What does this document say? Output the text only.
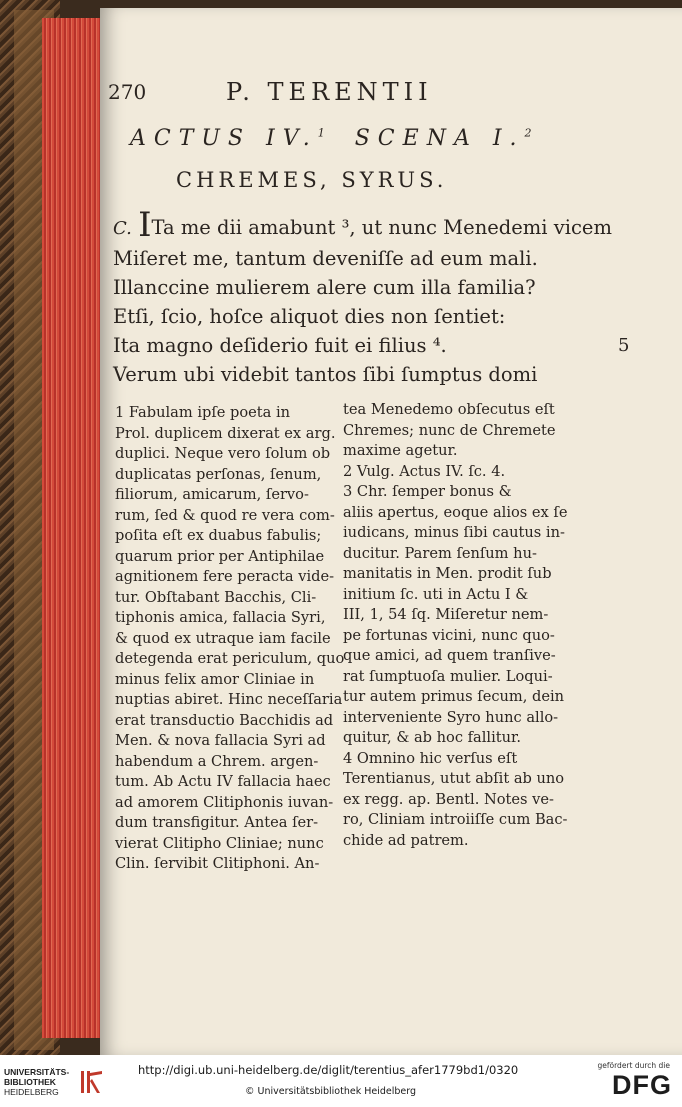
270	P. TERENTII
ACTUS IV.$^1$ SCENA I.$^2$
CHREMES, SYRUS.
C. ITa me dii amabunt ³, ut nunc Menedemi vicem
Miſeret me, tantum deveniſſe ad eum mali.
Illanccine mulierem alere cum illa familia?
Etſi, ſcio, hoſce aliquot dies non ſentiet:
Ita magno deſiderio fuit ei filius ⁴.	5
Verum ubi videbit tantos ſibi ſumptus domi
1 Fabulam ipſe poeta in
Prol. duplicem dixerat ex arg.
duplici. Neque vero ſolum ob
duplicatas perſonas, ſenum,
filiorum, amicarum, ſervo-
rum, ſed & quod re vera com-
poſita eſt ex duabus fabulis;
quarum prior per Antiphilae
agnitionem fere peracta vide-
tur. Obſtabant Bacchis, Cli-
tiphonis amica, fallacia Syri,
& quod ex utraque iam facile
detegenda erat periculum, quo
minus felix amor Cliniae in
nuptias abiret. Hinc neceſſaria
erat transductio Bacchidis ad
Men. & nova fallacia Syri ad
habendum a Chrem. argen-
tum. Ab Actu IV fallacia haec
ad amorem Clitiphonis iuvan-
dum transfigitur. Antea ſer-
vierat Clitipho Cliniae; nunc
Clin. ſervibit Clitiphoni. An-
tea Menedemo obſecutus eſt
Chremes; nunc de Chremete
maxime agetur.
2 Vulg. Actus IV. ſc. 4.
3 Chr. ſemper bonus &
aliis apertus, eoque alios ex ſe
iudicans, minus ſibi cautus in-
ducitur. Parem ſenſum hu-
manitatis in Men. prodit ſub
initium ſc. uti in Actu I &
III, 1, 54 ſq. Miſeretur nem-
pe fortunas vicini, nunc quo-
que amici, ad quem tranſive-
rat ſumptuoſa mulier. Loqui-
tur autem primus ſecum, dein
interveniente Syro hunc allo-
quitur, & ab hoc fallitur.
4 Omnino hic verſus eſt
Terentianus, utut abſit ab uno
ex regg. ap. Bentl. Notes ve-
ro, Cliniam introiiſſe cum Bac-
chide ad patrem.
UNIVERSITÄTS-
BIBLIOTHEK
HEIDELBERG
http://digi.ub.uni-heidelberg.de/diglit/terentius_afer1779bd1/0320
© Universitätsbibliothek Heidelberg
gefördert durch die
DFG
